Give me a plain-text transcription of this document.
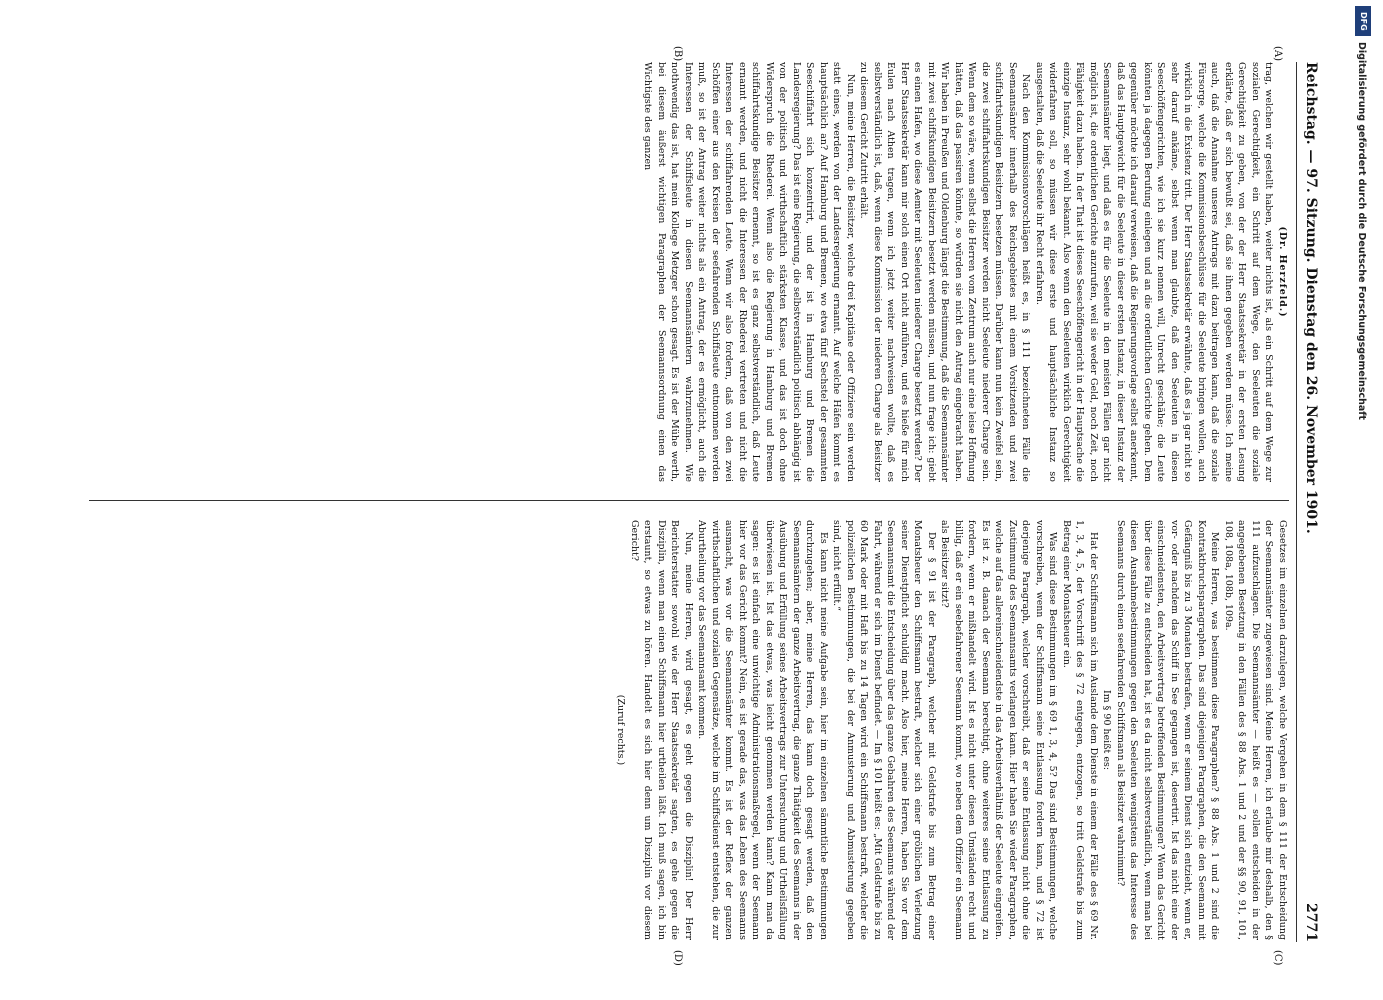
Reichstag. — 97. Sitzung. Dienstag den 26. November 1901.
2771
(A)
(B)
(C)
(D)

(Dr. Herzfeld.)

trag, welchen wir gestellt haben, weiter nichts ist, als ein Schritt auf dem Wege zur sozialen Gerechtigkeit, ein Schritt auf dem Wege, den Seeleuten die soziale Gerechtigkeit zu geben, von der der Herr Staatssekretär in der ersten Lesung erklärte, daß er sich bewußt sei, daß sie ihnen gegeben werden müsse. Ich meine auch, daß die Annahme unseres Antrags mit dazu beitragen kann, daß die soziale Fürsorge, welche die Kommissionsbeschlüsse für die Seeleute bringen wollen, auch wirklich in die Existenz tritt. Der Herr Staatssekretär erwähnte, daß es ja gar nicht so sehr darauf ankäme, selbst wenn man glaubte, daß den Seeleuten in diesen Seeschöffengerichten, wie ich sie kurz nennen will, Unrecht geschähe; die Leute könnten ja dagegen Berufung einlegen und an die ordentlichen Gerichte gehen. Dem gegenüber möchte ich darauf verweisen, daß die Regierungsvorlage selbst anerkennt, daß das Hauptgewicht für die Seeleute in dieser ersten Instanz, in dieser Instanz der Seemannsämter liegt, und daß es für die Seeleute in den meisten Fällen gar nicht möglich ist, die ordentlichen Gerichte anzurufen, weil sie weder Geld, noch Zeit, noch Fähigkeit dazu haben. In der That ist dieses Seeschöffengericht in der Hauptsache die einzige Instanz, sehr wohl bekannt. Also wenn den Seeleuten wirklich Gerechtigkeit widerfahren soll, so müssen wir diese erste und hauptsächliche Instanz so ausgestalten, daß die Seeleute ihr Recht erfahren.

Nach den Kommissionsvorschlägen heißt es, in § 111 bezeichneten Fälle die Seemannsämter innerhalb des Reichsgebietes mit einem Vorsitzenden und zwei schiffahrtskundigen Beisitzern besetzen müssen. Darüber kann nun kein Zweifel sein, die zwei schiffahrtskundigen Beisitzer werden nicht Seeleute niederer Charge sein. Wenn dem so wäre, wenn selbst die Herren vom Zentrum auch nur eine leise Hoffnung hätten, daß das passiren könnte, so würden sie nicht den Antrag eingebracht haben. Wir haben in Preußen und Oldenburg längst die Bestimmung, daß die Seemannsämter mit zwei schiffskundigen Beisitzern besetzt werden müssen, und nun frage ich: giebt es einen Hafen, wo diese Aemter mit Seeleuten niederer Charge besetzt werden? Der Herr Staatssekretär kann mir solch einen Ort nicht anführen, und es hieße für mich Eulen nach Athen tragen, wenn ich jetzt weiter nachweisen wollte, daß es selbstverständlich ist, daß, wenn diese Kommission der niederen Charge als Beisitzer zu diesem Gericht Zutritt erhält.

Nun, meine Herren, die Beisitzer, welche drei Kapitäne oder Offiziere sein werden statt eines, werden von der Landesregierung ernannt. Auf welche Häfen kommt es hauptsächlich an? Auf Hamburg und Bremen, wo etwa fünf Sechstel der gesammten Seeschiffahrt sich konzentrirt, und der ist in Hamburg und Bremen die Landesregierung? Das ist eine Regierung, die selbstverständlich politisch abhängig ist von der politisch und wirthschaftlich stärksten Klasse, und das ist doch ohne Widerspruch die Rhederei. Wenn also die Regierung in Hamburg und Bremen schiffahrtskundige Beisitzer ernennt, so ist es ganz selbstverständlich, daß Leute ernannt werden, und nicht die Interessen der Rhederei vertreten und nicht die Interessen der schiffahrenden Leute. Wenn wir also fordern, daß von den zwei Schöffen einer aus den Kreisen der seefahrenden Schiffsleute entnommen werden muß, so ist der Antrag weiter nichts als ein Antrag, der es ermöglicht, auch die Interessen der Schiffsleute in diesen Seemannsämtern wahrzunehmen. Wie nothwendig das ist, hat mein Kollege Metzger schon gesagt. Es ist der Mühe werth, bei diesem äußerst wichtigen Paragraphen der Seemannsordnung einen das Wichtigste des ganzen

Gesetzes im einzelnen darzulegen, welche Vergehen in dem § 111 der Entscheidung der Seemannsämter zugewiesen sind. Meine Herren, ich erlaube mir deshalb, den § 111 aufzuschlagen. Die Seemannsämter — heißt es — sollen entscheiden in der angegebenen Besetzung in den Fällen des § 88 Abs. 1 und 2 und der §§ 90, 91, 101, 108, 108a, 108b, 109a.

Meine Herren, was bestimmen diese Paragraphen? § 88 Abs. 1 und 2 sind die Kontraktbruchsparagraphen. Das sind diejenigen Paragraphen, die den Seemann mit Gefängniß bis zu 3 Monaten bestrafen, wenn er seinem Dienst sich entzieht, wenn er, vor- oder nachdem das Schiff in See gegangen ist, desertirt. Ist das nicht eine der einschneidensten, den Arbeitsvertrag betreffenden Bestimmungen? Wenn das Gericht über diese Fälle zu entscheiden hat, ist es da nicht selbstverständlich, wenn man bei diesen Ausnahmebestimmungen gegen den Seeleuten wenigstens das Interesse des Seemanns durch einen seefahrenden Schiffsmann als Beisitzer wahrnimmt?

Im § 90 heißt es:

Hat der Schiffsmann sich im Auslande dem Dienste in einem der Fälle des § 69 Nr. 1, 3, 4, 5, der Vorschrift des § 72 entgegen, entzogen, so tritt Geldstrafe bis zum Betrag einer Monatsheuer ein.

Was sind diese Bestimmungen im § 69 1, 3, 4, 5? Das sind Bestimmungen, welche vorschreiben, wenn der Schiffsmann seine Entlassung fordern kann, und § 72 ist derjenige Paragraph, welcher vorschreibt, daß er seine Entlassung nicht ohne die Zustimmung des Seemannsamts verlangen kann. Hier haben Sie wieder Paragraphen, welche auf das allereinschneidendste in das Arbeitsverhältniß der Seeleute eingreifen. Es ist z. B. danach der Seemann berechtigt, ohne weiteres seine Entlassung zu fordern, wenn er mißhandelt wird. Ist es nicht unter diesen Umständen recht und billig, daß er ein seebefahrener Seemann kommt, wo neben dem Offizier ein Seemann als Beisitzer sitzt?

Der § 91 ist der Paragraph, welcher mit Geldstrafe bis zum Betrag einer Monatsheuer den Schiffsmann bestraft, welcher sich einer gröblichen Verletzung seiner Dienstpflicht schuldig macht. Also hier, meine Herren, haben Sie vor dem Seemannsamt die Entscheidung über das ganze Gebahren des Seemanns während der Fahrt, während er sich im Dienst befindet. — Im § 101 heißt es: „Mit Geldstrafe bis zu 60 Mark oder mit Haft bis zu 14 Tagen wird ein Schiffsmann bestraft, welcher die polizeilichen Bestimmungen, die bei der Anmusterung und Abmusterung gegeben sind, nicht erfüllt.“

Es kann nicht meine Aufgabe sein, hier im einzelnen sämmtliche Bestimmungen durchzugehen; aber, meine Herren, das kann doch gesagt werden, daß den Seemannsämtern der ganze Arbeitsvertrag, die ganze Thätigkeit des Seemanns in der Ausübung und Erfüllung seines Arbeitsvertrags zur Untersuchung und Urtheilsfällung überwiesen ist. Ist das etwas, was leicht genommen werden kann? Kann man da sagen: es ist einfach eine unwichtige Administrationsmaßregel, wenn der Seemann hier vor das Gericht kommt? Nein, es ist gerade das, was das Leben des Seemanns ausmacht, was vor die Seemannsämter kommt. Es ist der Reflex der ganzen wirthschaftlichen und sozialen Gegensätze, welche im Schiffsdienst entstehen, die zur Aburtheilung vor das Seemannsamt kommen.

Nun, meine Herren, wird gesagt, es geht gegen die Disziplin! Der Herr Berichterstatter sowohl wie der Herr Staatssekretär sagten, es gehe gegen die Disziplin, wenn man einen Schiffsmann hier urtheilen läßt. Ich muß sagen, ich bin erstaunt, so etwas zu hören. Handelt es sich hier denn um Disziplin vor diesem Gericht?

(Zuruf rechts.)

DFG
Digitalisierung gefördert durch die Deutsche Forschungsgemeinschaft
